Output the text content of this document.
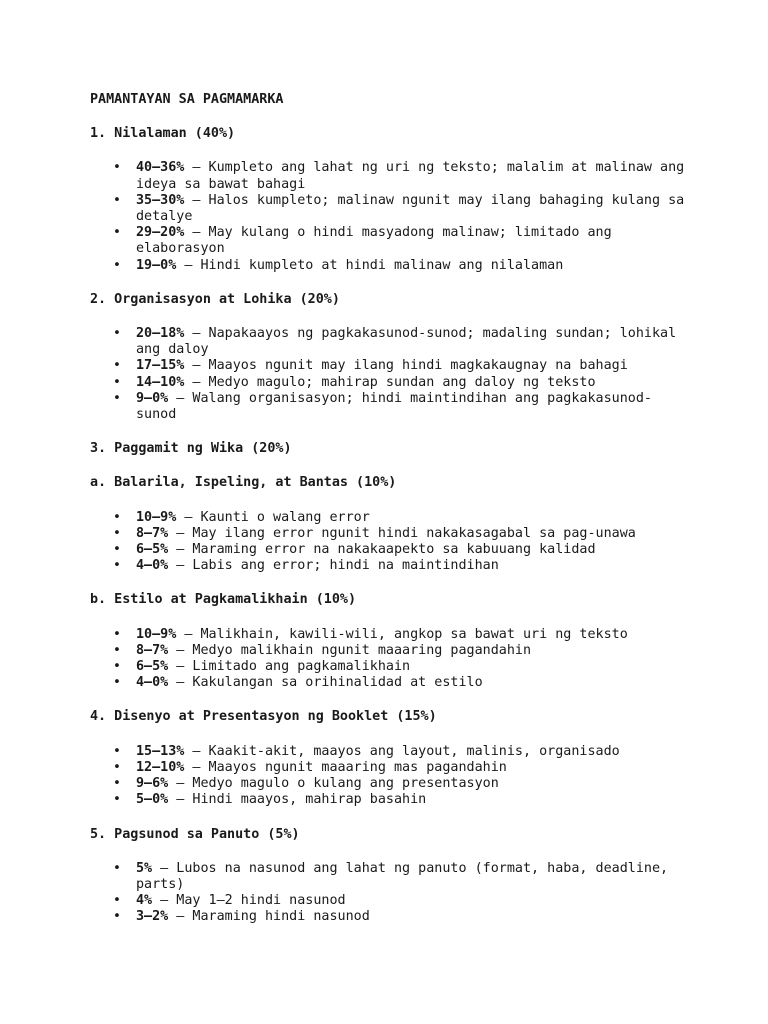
PAMANTAYAN SA PAGMAMARKA

1. Nilalaman (40%)

• 40–36% – Kumpleto ang lahat ng uri ng teksto; malalim at malinaw ang ideya sa bawat bahagi
• 35–30% – Halos kumpleto; malinaw ngunit may ilang bahaging kulang sa detalye
• 29–20% – May kulang o hindi masyadong malinaw; limitado ang elaborasyon
• 19–0% – Hindi kumpleto at hindi malinaw ang nilalaman

2. Organisasyon at Lohika (20%)

• 20–18% – Napakaayos ng pagkakasunod-sunod; madaling sundan; lohikal ang daloy
• 17–15% – Maayos ngunit may ilang hindi magkakaugnay na bahagi
• 14–10% – Medyo magulo; mahirap sundan ang daloy ng teksto
• 9–0% – Walang organisasyon; hindi maintindihan ang pagkakasunod-sunod

3. Paggamit ng Wika (20%)

a. Balarila, Ispeling, at Bantas (10%)

• 10–9% – Kaunti o walang error
• 8–7% – May ilang error ngunit hindi nakakasagabal sa pag-unawa
• 6–5% – Maraming error na nakakaapekto sa kabuuang kalidad
• 4–0% – Labis ang error; hindi na maintindihan

b. Estilo at Pagkamalikhain (10%)

• 10–9% – Malikhain, kawili-wili, angkop sa bawat uri ng teksto
• 8–7% – Medyo malikhain ngunit maaaring pagandahin
• 6–5% – Limitado ang pagkamalikhain
• 4–0% – Kakulangan sa orihinalidad at estilo

4. Disenyo at Presentasyon ng Booklet (15%)

• 15–13% – Kaakit-akit, maayos ang layout, malinis, organisado
• 12–10% – Maayos ngunit maaaring mas pagandahin
• 9–6% – Medyo magulo o kulang ang presentasyon
• 5–0% – Hindi maayos, mahirap basahin

5. Pagsunod sa Panuto (5%)

• 5% – Lubos na nasunod ang lahat ng panuto (format, haba, deadline, parts)
• 4% – May 1–2 hindi nasunod
• 3–2% – Maraming hindi nasunod
